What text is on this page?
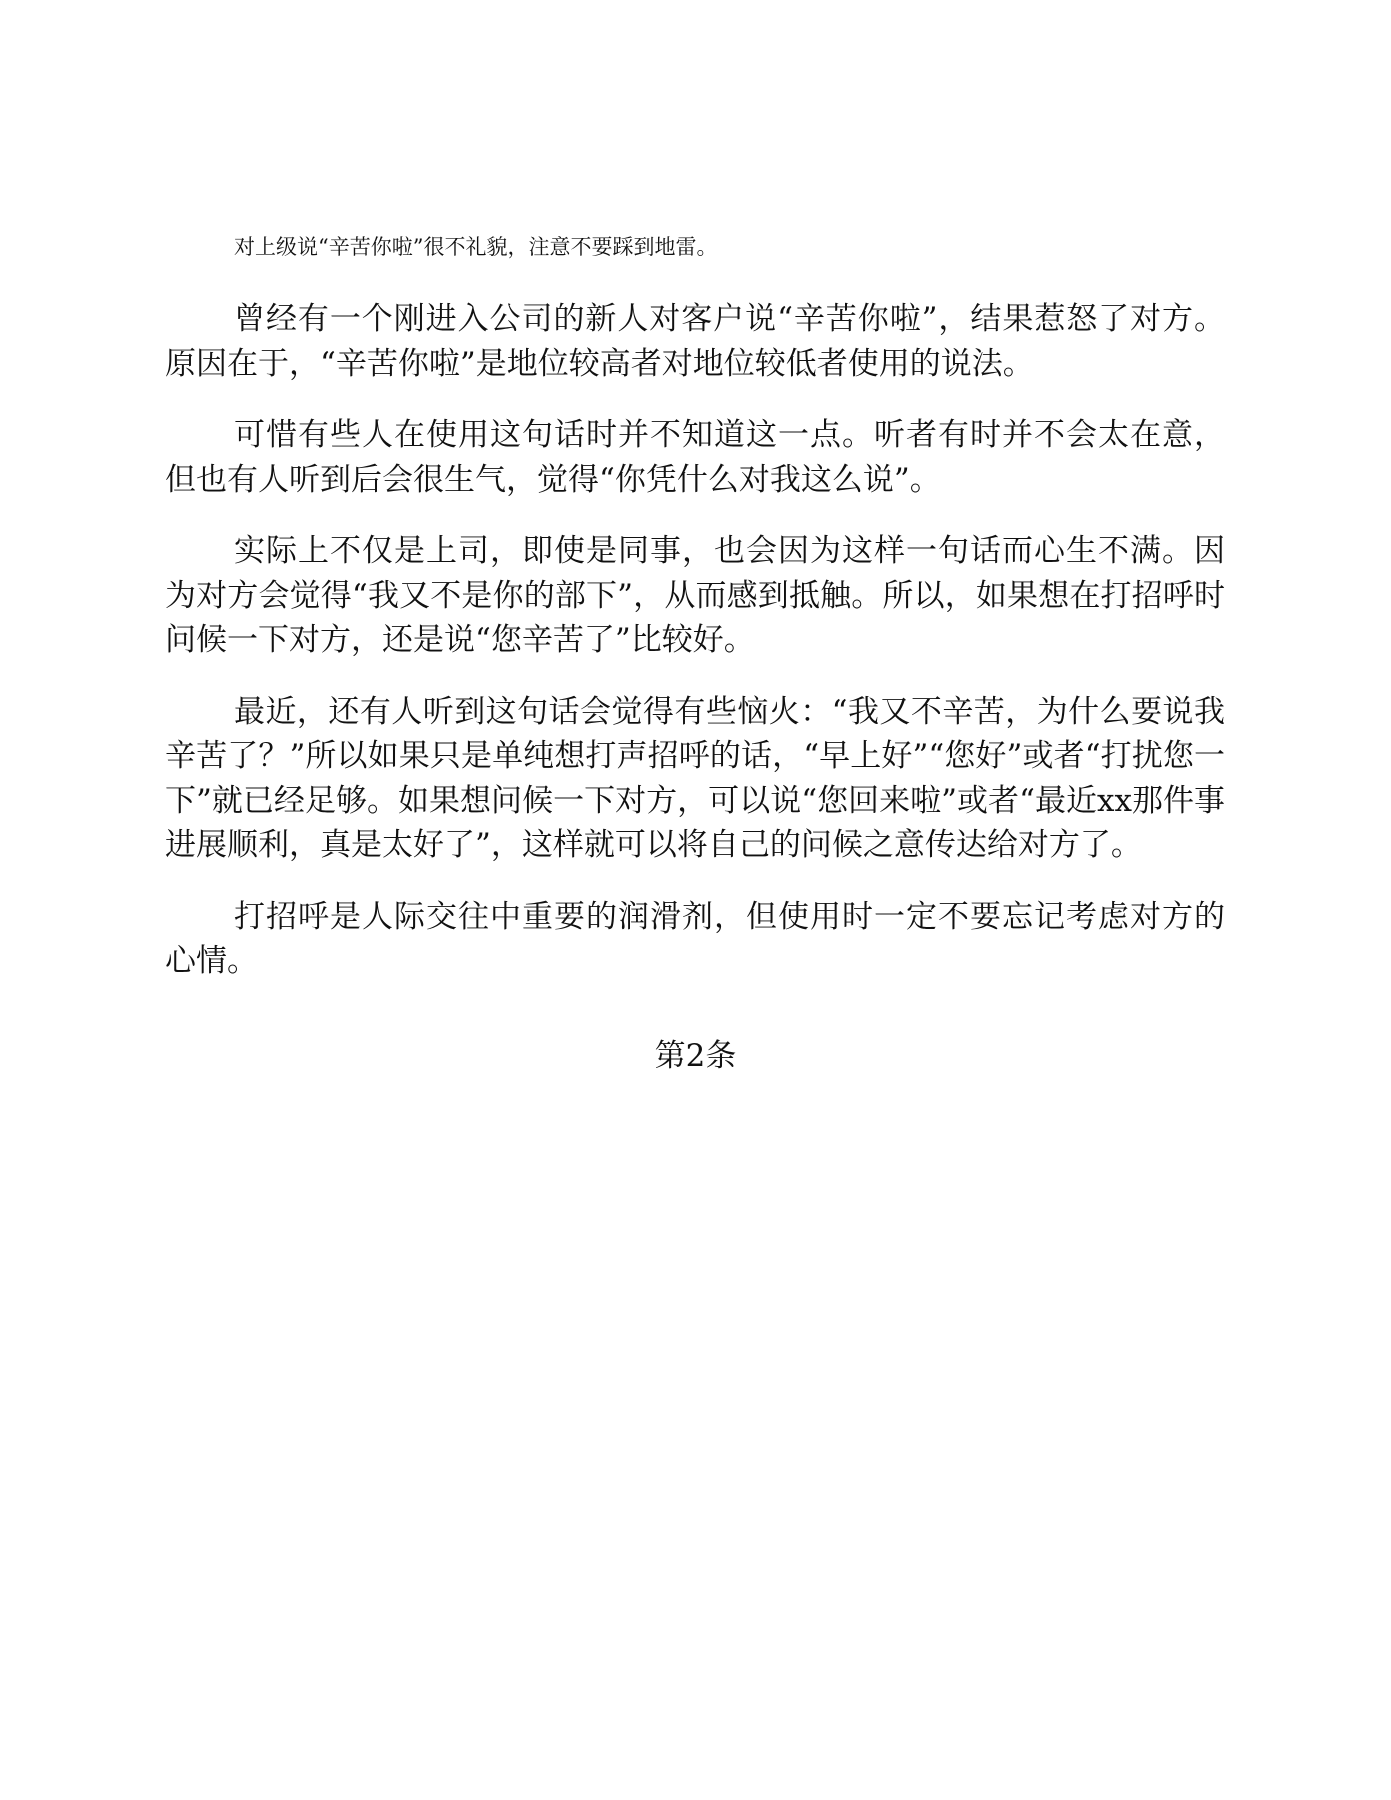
对上级说“辛苦你啦”很不礼貌，注意不要踩到地雷。

曾经有一个刚进入公司的新人对客户说“辛苦你啦”，结果惹怒了对方。原因在于，“辛苦你啦”是地位较高者对地位较低者使用的说法。

可惜有些人在使用这句话时并不知道这一点。听者有时并不会太在意，但也有人听到后会很生气，觉得“你凭什么对我这么说”。

实际上不仅是上司，即使是同事，也会因为这样一句话而心生不满。因为对方会觉得“我又不是你的部下”，从而感到抵触。所以，如果想在打招呼时问候一下对方，还是说“您辛苦了”比较好。

最近，还有人听到这句话会觉得有些恼火：“我又不辛苦，为什么要说我辛苦了？”所以如果只是单纯想打声招呼的话，“早上好”“您好”或者“打扰您一下”就已经足够。如果想问候一下对方，可以说“您回来啦”或者“最近xx那件事进展顺利，真是太好了”，这样就可以将自己的问候之意传达给对方了。

打招呼是人际交往中重要的润滑剂，但使用时一定不要忘记考虑对方的心情。

第2条
